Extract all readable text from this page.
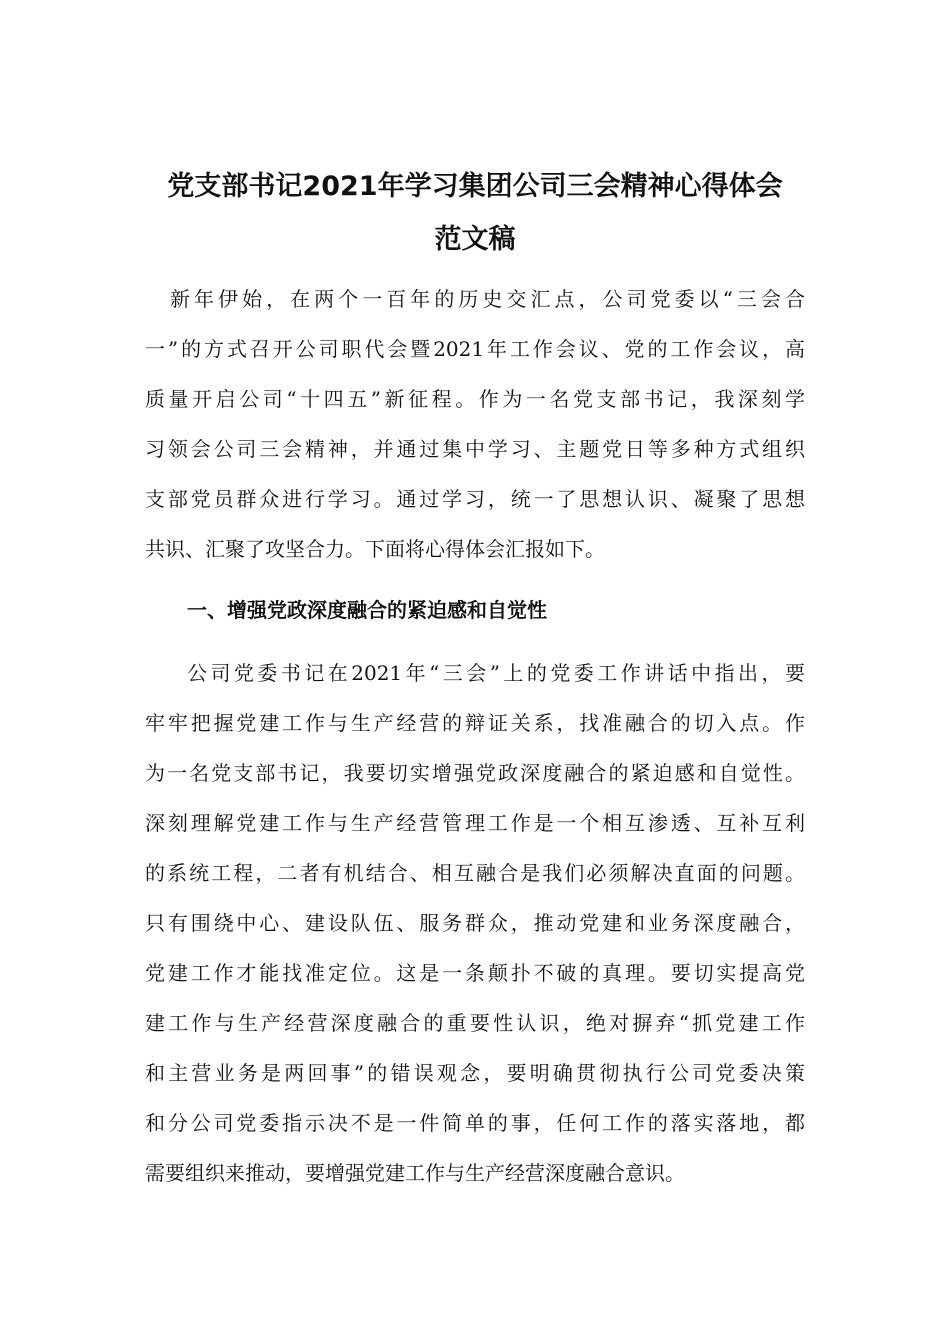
党支部书记2021年学习集团公司三会精神心得体会
范文稿

新年伊始，在两个一百年的历史交汇点，公司党委以“三会合

一”的方式召开公司职代会暨2021年工作会议、党的工作会议，高

质量开启公司“十四五”新征程。作为一名党支部书记，我深刻学

习领会公司三会精神，并通过集中学习、主题党日等多种方式组织

支部党员群众进行学习。通过学习，统一了思想认识、凝聚了思想

共识、汇聚了攻坚合力。下面将心得体会汇报如下。

一、增强党政深度融合的紧迫感和自觉性

公司党委书记在2021年“三会”上的党委工作讲话中指出，要

牢牢把握党建工作与生产经营的辩证关系，找准融合的切入点。作

为一名党支部书记，我要切实增强党政深度融合的紧迫感和自觉性。

深刻理解党建工作与生产经营管理工作是一个相互渗透、互补互利

的系统工程，二者有机结合、相互融合是我们必须解决直面的问题。

只有围绕中心、建设队伍、服务群众，推动党建和业务深度融合，

党建工作才能找准定位。这是一条颠扑不破的真理。要切实提高党

建工作与生产经营深度融合的重要性认识，绝对摒弃“抓党建工作

和主营业务是两回事”的错误观念，要明确贯彻执行公司党委决策

和分公司党委指示决不是一件简单的事，任何工作的落实落地，都

需要组织来推动，要增强党建工作与生产经营深度融合意识。
